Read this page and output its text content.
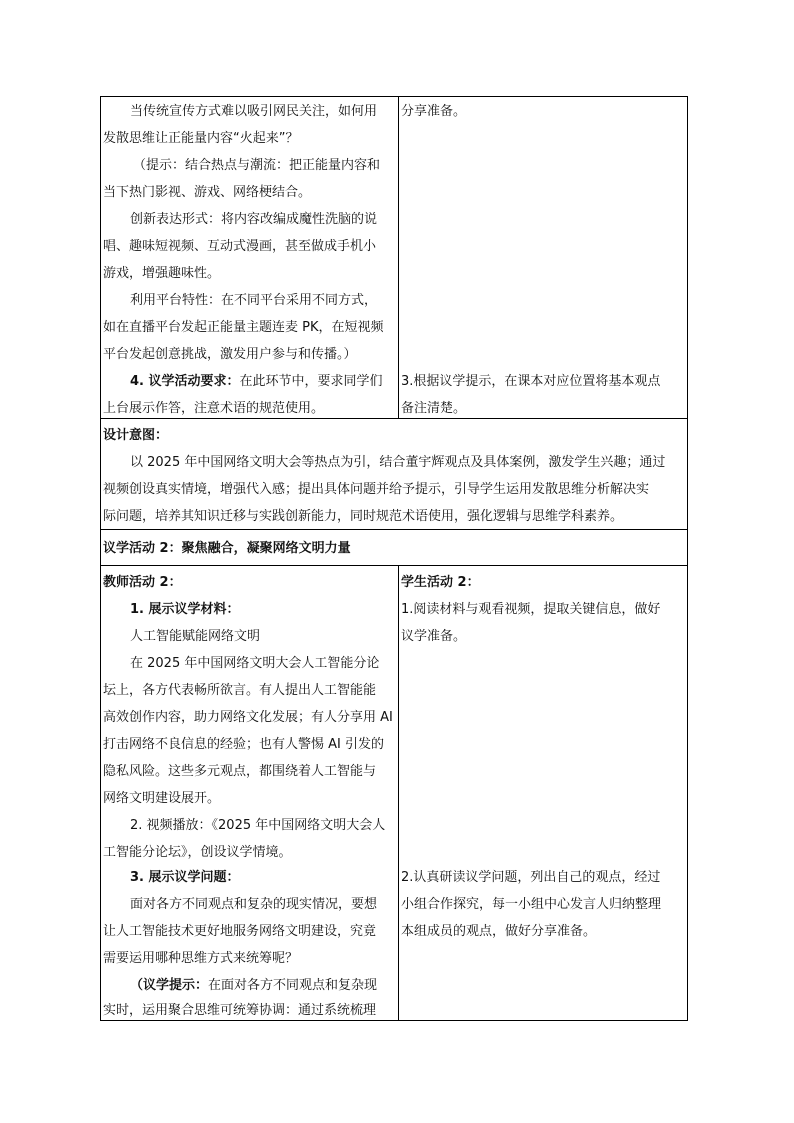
当传统宣传方式难以吸引网民关注，如何用
发散思维让正能量内容“火起来”？
（提示：结合热点与潮流：把正能量内容和
当下热门影视、游戏、网络梗结合。
创新表达形式：将内容改编成魔性洗脑的说
唱、趣味短视频、互动式漫画，甚至做成手机小
游戏，增强趣味性。
利用平台特性：在不同平台采用不同方式，
如在直播平台发起正能量主题连麦 PK，在短视频
平台发起创意挑战，激发用户参与和传播。）
4. 议学活动要求：在此环节中，要求同学们
上台展示作答，注意术语的规范使用。
分享准备。
3.根据议学提示，在课本对应位置将基本观点
备注清楚。
设计意图：
以 2025 年中国网络文明大会等热点为引，结合董宇辉观点及具体案例，激发学生兴趣；通过
视频创设真实情境，增强代入感；提出具体问题并给予提示，引导学生运用发散思维分析解决实
际问题，培养其知识迁移与实践创新能力，同时规范术语使用，强化逻辑与思维学科素养。
议学活动 2：聚焦融合，凝聚网络文明力量
教师活动 2：
1. 展示议学材料：
人工智能赋能网络文明
在 2025 年中国网络文明大会人工智能分论
坛上，各方代表畅所欲言。有人提出人工智能能
高效创作内容，助力网络文化发展；有人分享用 AI
打击网络不良信息的经验；也有人警惕 AI 引发的
隐私风险。这些多元观点，都围绕着人工智能与
网络文明建设展开。
2. 视频播放：《2025 年中国网络文明大会人
工智能分论坛》，创设议学情境。
3. 展示议学问题：
面对各方不同观点和复杂的现实情况，要想
让人工智能技术更好地服务网络文明建设，究竟
需要运用哪种思维方式来统筹呢？
（议学提示：在面对各方不同观点和复杂现
实时，运用聚合思维可统筹协调：通过系统梳理
学生活动 2：
1.阅读材料与观看视频，提取关键信息，做好
议学准备。
2.认真研读议学问题，列出自己的观点，经过
小组合作探究，每一小组中心发言人归纳整理
本组成员的观点，做好分享准备。
